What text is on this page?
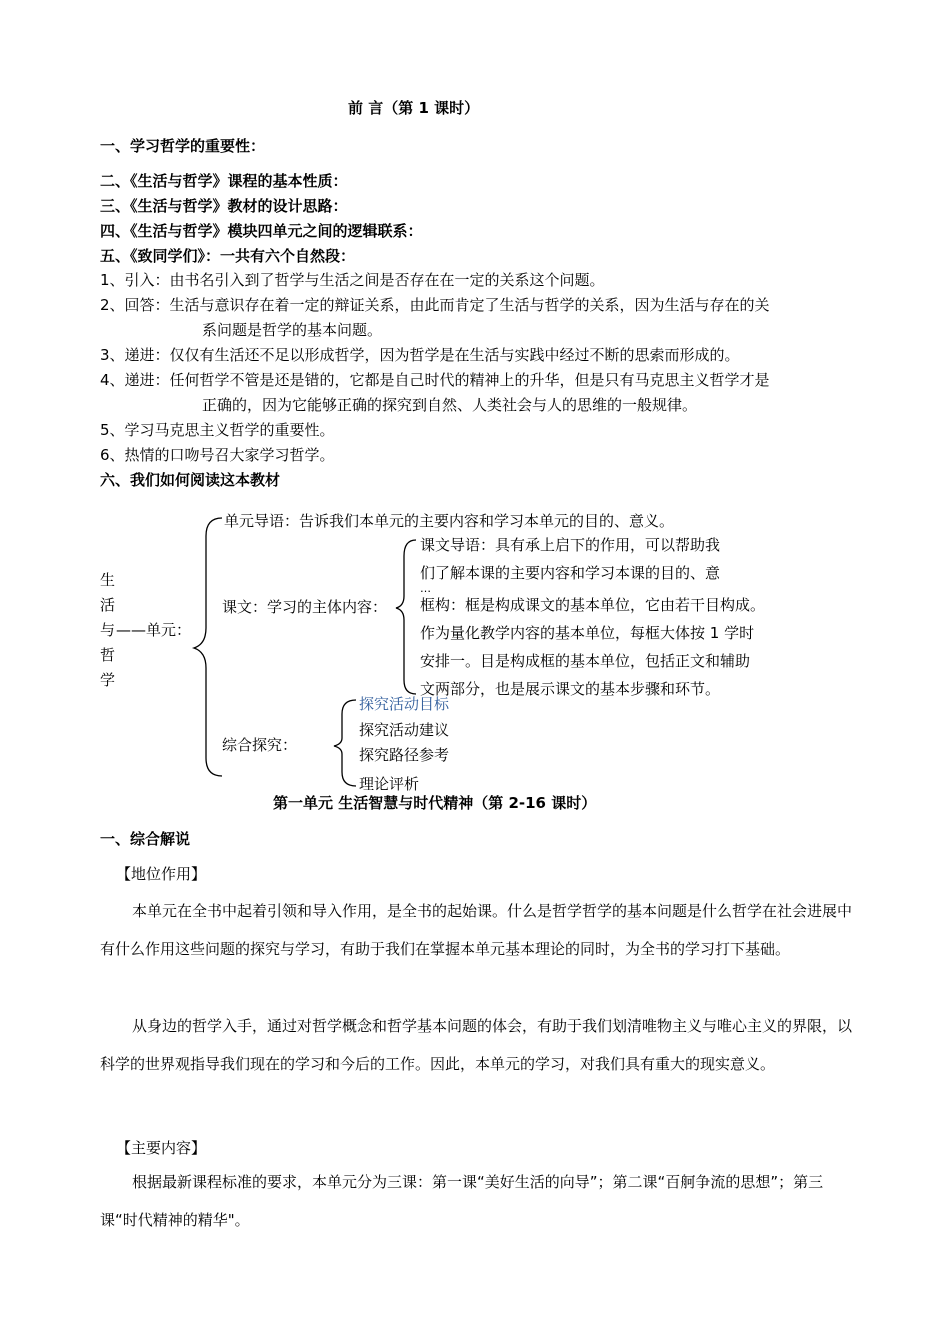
前 言（第 1 课时）
一、学习哲学的重要性：
二、《生活与哲学》课程的基本性质：
三、《生活与哲学》教材的设计思路：
四、《生活与哲学》模块四单元之间的逻辑联系：
五、《致同学们》：一共有六个自然段：
1、引入：由书名引入到了哲学与生活之间是否存在在一定的关系这个问题。
2、回答：生活与意识存在着一定的辩证关系，由此而肯定了生活与哲学的关系，因为生活与存在的关
系问题是哲学的基本问题。
3、递进：仅仅有生活还不足以形成哲学，因为哲学是在生活与实践中经过不断的思索而形成的。
4、递进：任何哲学不管是还是错的，它都是自己时代的精神上的升华，但是只有马克思主义哲学才是
正确的，因为它能够正确的探究到自然、人类社会与人的思维的一般规律。
5、学习马克思主义哲学的重要性。
6、热情的口吻号召大家学习哲学。
六、我们如何阅读这本教材
生
活
与
哲
学
——单元：
单元导语：告诉我们本单元的主要内容和学习本单元的目的、意义。
课文：学习的主体内容：
课文导语：具有承上启下的作用，可以帮助我
们了解本课的主要内容和学习本课的目的、意
…
框构：框是构成课文的基本单位，它由若干目构成。
作为量化教学内容的基本单位，每框大体按 1 学时
安排一。目是构成框的基本单位，包括正文和辅助
文两部分，也是展示课文的基本步骤和环节。
综合探究：
探究活动目标
探究活动建议
探究路径参考
理论评析
第一单元 生活智慧与时代精神（第 2-16 课时）
一、综合解说
【地位作用】
本单元在全书中起着引领和导入作用，是全书的起始课。什么是哲学哲学的基本问题是什么哲学在社会进展中有什么作用这些问题的探究与学习，有助于我们在掌握本单元基本理论的同时，为全书的学习打下基础。
从身边的哲学入手，通过对哲学概念和哲学基本问题的体会，有助于我们划清唯物主义与唯心主义的界限，以科学的世界观指导我们现在的学习和今后的工作。因此，本单元的学习，对我们具有重大的现实意义。
【主要内容】
根据最新课程标准的要求，本单元分为三课：第一课“美好生活的向导”；第二课“百舸争流的思想”；第三课“时代精神的精华"。
